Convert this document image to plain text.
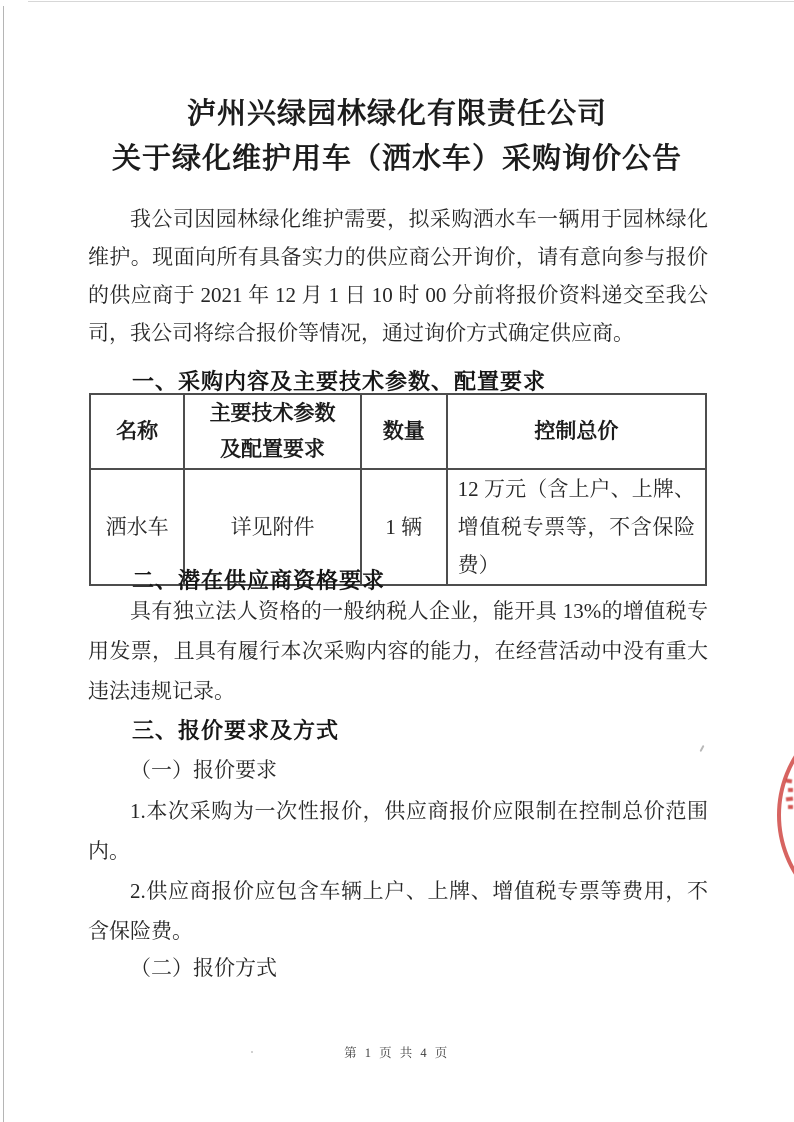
泸州兴绿园林绿化有限责任公司
关于绿化维护用车（洒水车）采购询价公告
我公司因园林绿化维护需要，拟采购洒水车一辆用于园林绿化维护。现面向所有具备实力的供应商公开询价，请有意向参与报价的供应商于 2021 年 12 月 1 日 10 时 00 分前将报价资料递交至我公司，我公司将综合报价等情况，通过询价方式确定供应商。
一、采购内容及主要技术参数、配置要求
名称	主要技术参数及配置要求	数量	控制总价
洒水车	详见附件	1 辆	12 万元（含上户、上牌、增值税专票等，不含保险费）
二、潜在供应商资格要求
具有独立法人资格的一般纳税人企业，能开具 13%的增值税专用发票，且具有履行本次采购内容的能力，在经营活动中没有重大违法违规记录。
三、报价要求及方式
（一）报价要求
1.本次采购为一次性报价，供应商报价应限制在控制总价范围内。
2.供应商报价应包含车辆上户、上牌、增值税专票等费用，不含保险费。
（二）报价方式
第 1 页 共 4 页
